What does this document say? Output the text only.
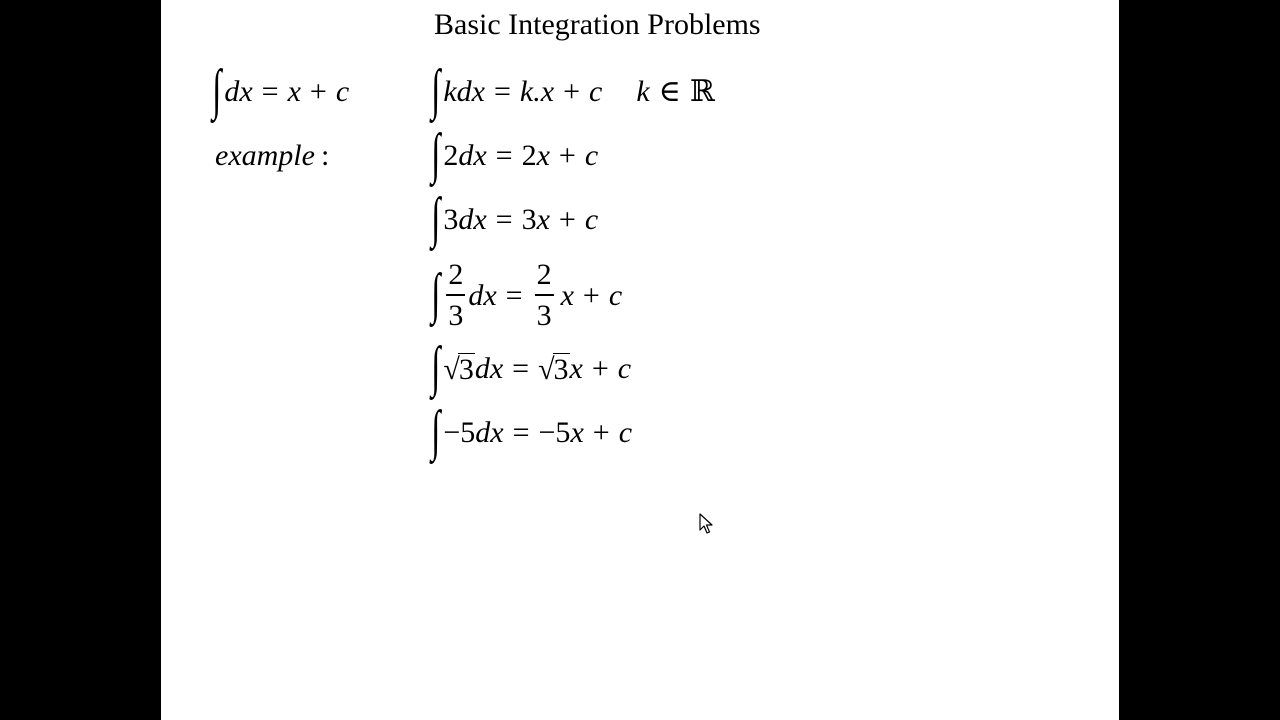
Basic Integration Problems
∫ dx = x + c ∫ k dx = k.x + c k ∈ ℝ
example : ∫ 2 dx = 2 x + c
∫ 3 dx = 3 x + c
∫ $\frac{2}{3}$ dx = $\frac{2}{3}$ x + c
∫ √ 3 dx = √ 3 x + c
∫ −5 dx = −5 x + c
